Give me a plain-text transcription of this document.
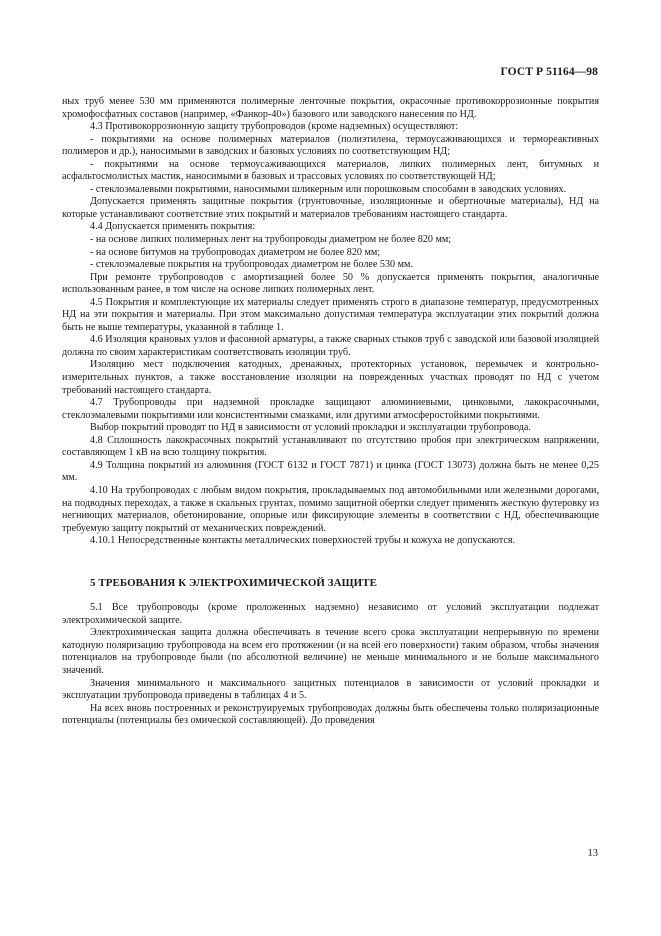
ГОСТ Р 51164—98

ных труб менее 530 мм применяются полимерные ленточные покрытия, окрасочные противокоррозионные покрытия хромофосфатных составов (например, «Фанкор-40») базового или заводского нанесения по НД.

4.3 Противокоррозионную защиту трубопроводов (кроме надземных) осуществляют:

- покрытиями на основе полимерных материалов (полиэтилена, термоусаживающихся и термореактивных полимеров и др.), наносимыми в заводских и базовых условиях по соответствующим НД;

- покрытиями на основе термоусаживающихся материалов, липких полимерных лент, битумных и асфальтосмолистых мастик, наносимыми в базовых и трассовых условиях по соответствующей НД;

- стеклоэмалевыми покрытиями, наносимыми шликерным или порошковым способами в заводских условиях.

Допускается применять защитные покрытия (грунтовочные, изоляционные и обертночные материалы), НД на которые устанавливают соответствие этих покрытий и материалов требованиям настоящего стандарта.

4.4 Допускается применять покрытия:

- на основе липких полимерных лент на трубопроводы диаметром не более 820 мм;

- на основе битумов на трубопроводах диаметром не более 820 мм;

- стеклоэмалевые покрытия на трубопроводах диаметром не более 530 мм.

При ремонте трубопроводов с амортизацией более 50 % допускается применять покрытия, аналогичные использованным ранее, в том числе на основе липких полимерных лент.

4.5 Покрытия и комплектующие их материалы следует применять строго в диапазоне температур, предусмотренных НД на эти покрытия и материалы. При этом максимально допустимая температура эксплуатации этих покрытий должна быть не выше температуры, указанной в таблице 1.

4.6 Изоляция крановых узлов и фасонной арматуры, а также сварных стыков труб с заводской или базовой изоляцией должна по своим характеристикам соответствовать изоляции труб.

Изоляцию мест подключения катодных, дренажных, протекторных установок, перемычек и контрольно-измерительных пунктов, а также восстановление изоляции на поврежденных участках проводят по НД с учетом требований настоящего стандарта.

4.7 Трубопроводы при надземной прокладке защищают алюминиевыми, цинковыми, лакокрасочными, стеклоэмалевыми покрытиями или консистентными смазками, или другими атмосферостойкими покрытиями.

Выбор покрытий проводят по НД в зависимости от условий прокладки и эксплуатации трубопровода.

4.8 Сплошность лакокрасочных покрытий устанавливают по отсутствию пробоя при электрическом напряжении, составляющем 1 кВ на всю толщину покрытия.

4.9 Толщина покрытий из алюминия (ГОСТ 6132 и ГОСТ 7871) и цинка (ГОСТ 13073) должна быть не менее 0,25 мм.

4.10 На трубопроводах с любым видом покрытия, прокладываемых под автомобильными или железными дорогами, на подводных переходах, а также в скальных грунтах, помимо защитной обертки следует применять жесткую футеровку из негниющих материалов, обетонирование, опорные или фиксирующие элементы в соответствии с НД, обеспечивающие требуемую защиту покрытий от механических повреждений.

4.10.1 Непосредственные контакты металлических поверхностей трубы и кожуха не допускаются.

5 ТРЕБОВАНИЯ К ЭЛЕКТРОХИМИЧЕСКОЙ ЗАЩИТЕ

5.1 Все трубопроводы (кроме проложенных надземно) независимо от условий эксплуатации подлежат электрохимической защите.

Электрохимическая защита должна обеспечивать в течение всего срока эксплуатации непрерывную по времени катодную поляризацию трубопровода на всем его протяжении (и на всей его поверхности) таким образом, чтобы значения потенциалов на трубопроводе были (по абсолютной величине) не меньше минимального и не больше максимального значений.

Значения минимального и максимального защитных потенциалов в зависимости от условий прокладки и эксплуатации трубопровода приведены в таблицах 4 и 5.

На всех вновь построенных и реконструируемых трубопроводах должны быть обеспечены только поляризационные потенциалы (потенциалы без омической составляющей). До проведения

13
